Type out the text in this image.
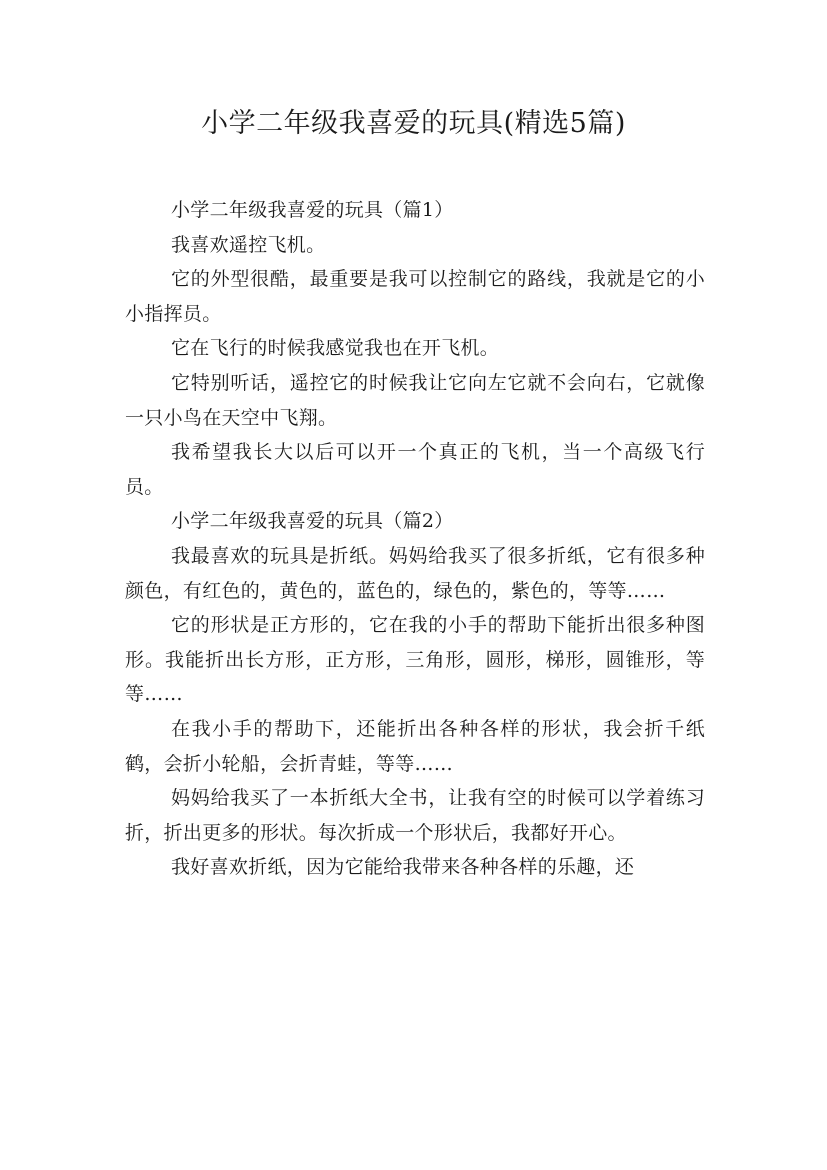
小学二年级我喜爱的玩具(精选5篇)

小学二年级我喜爱的玩具（篇1）

我喜欢遥控飞机。

它的外型很酷，最重要是我可以控制它的路线，我就是它的小小指挥员。

它在飞行的时候我感觉我也在开飞机。

它特别听话，遥控它的时候我让它向左它就不会向右，它就像一只小鸟在天空中飞翔。

我希望我长大以后可以开一个真正的飞机，当一个高级飞行员。

小学二年级我喜爱的玩具（篇2）

我最喜欢的玩具是折纸。妈妈给我买了很多折纸，它有很多种颜色，有红色的，黄色的，蓝色的，绿色的，紫色的，等等……

它的形状是正方形的，它在我的小手的帮助下能折出很多种图形。我能折出长方形，正方形，三角形，圆形，梯形，圆锥形，等等……

在我小手的帮助下，还能折出各种各样的形状，我会折千纸鹤，会折小轮船，会折青蛙，等等……

妈妈给我买了一本折纸大全书，让我有空的时候可以学着练习折，折出更多的形状。每次折成一个形状后，我都好开心。

我好喜欢折纸，因为它能给我带来各种各样的乐趣，还
